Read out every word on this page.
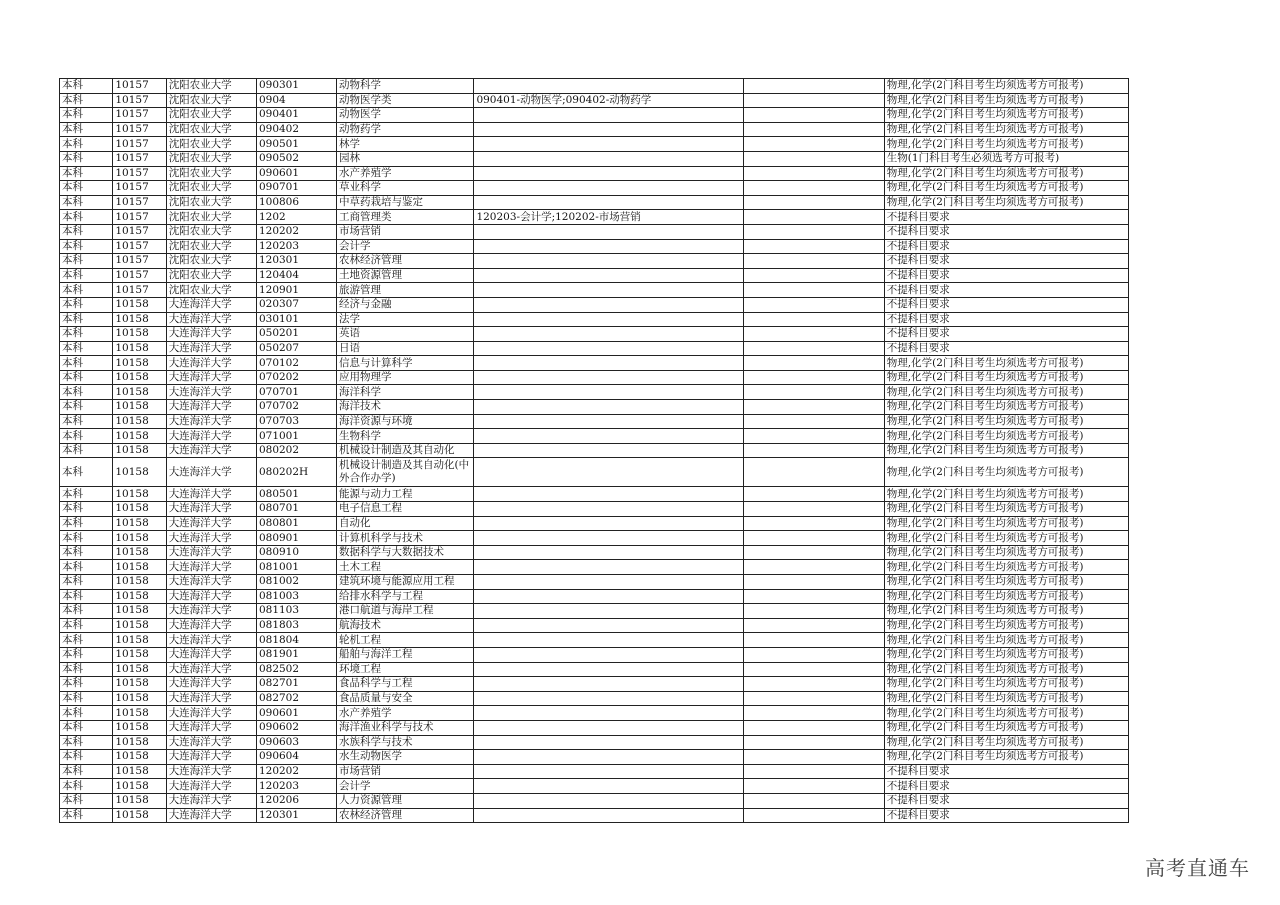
本科	10157	沈阳农业大学	090301	动物科学			物理,化学(2门科目考生均须选考方可报考)
本科	10157	沈阳农业大学	0904	动物医学类	090401-动物医学;090402-动物药学		物理,化学(2门科目考生均须选考方可报考)
本科	10157	沈阳农业大学	090401	动物医学			物理,化学(2门科目考生均须选考方可报考)
本科	10157	沈阳农业大学	090402	动物药学			物理,化学(2门科目考生均须选考方可报考)
本科	10157	沈阳农业大学	090501	林学			物理,化学(2门科目考生均须选考方可报考)
本科	10157	沈阳农业大学	090502	园林			生物(1门科目考生必须选考方可报考)
本科	10157	沈阳农业大学	090601	水产养殖学			物理,化学(2门科目考生均须选考方可报考)
本科	10157	沈阳农业大学	090701	草业科学			物理,化学(2门科目考生均须选考方可报考)
本科	10157	沈阳农业大学	100806	中草药栽培与鉴定			物理,化学(2门科目考生均须选考方可报考)
本科	10157	沈阳农业大学	1202	工商管理类	120203-会计学;120202-市场营销		不提科目要求
本科	10157	沈阳农业大学	120202	市场营销			不提科目要求
本科	10157	沈阳农业大学	120203	会计学			不提科目要求
本科	10157	沈阳农业大学	120301	农林经济管理			不提科目要求
本科	10157	沈阳农业大学	120404	土地资源管理			不提科目要求
本科	10157	沈阳农业大学	120901	旅游管理			不提科目要求
本科	10158	大连海洋大学	020307	经济与金融			不提科目要求
本科	10158	大连海洋大学	030101	法学			不提科目要求
本科	10158	大连海洋大学	050201	英语			不提科目要求
本科	10158	大连海洋大学	050207	日语			不提科目要求
本科	10158	大连海洋大学	070102	信息与计算科学			物理,化学(2门科目考生均须选考方可报考)
本科	10158	大连海洋大学	070202	应用物理学			物理,化学(2门科目考生均须选考方可报考)
本科	10158	大连海洋大学	070701	海洋科学			物理,化学(2门科目考生均须选考方可报考)
本科	10158	大连海洋大学	070702	海洋技术			物理,化学(2门科目考生均须选考方可报考)
本科	10158	大连海洋大学	070703	海洋资源与环境			物理,化学(2门科目考生均须选考方可报考)
本科	10158	大连海洋大学	071001	生物科学			物理,化学(2门科目考生均须选考方可报考)
本科	10158	大连海洋大学	080202	机械设计制造及其自动化			物理,化学(2门科目考生均须选考方可报考)
本科	10158	大连海洋大学	080202H	机械设计制造及其自动化(中外合作办学)			物理,化学(2门科目考生均须选考方可报考)
本科	10158	大连海洋大学	080501	能源与动力工程			物理,化学(2门科目考生均须选考方可报考)
本科	10158	大连海洋大学	080701	电子信息工程			物理,化学(2门科目考生均须选考方可报考)
本科	10158	大连海洋大学	080801	自动化			物理,化学(2门科目考生均须选考方可报考)
本科	10158	大连海洋大学	080901	计算机科学与技术			物理,化学(2门科目考生均须选考方可报考)
本科	10158	大连海洋大学	080910	数据科学与大数据技术			物理,化学(2门科目考生均须选考方可报考)
本科	10158	大连海洋大学	081001	土木工程			物理,化学(2门科目考生均须选考方可报考)
本科	10158	大连海洋大学	081002	建筑环境与能源应用工程			物理,化学(2门科目考生均须选考方可报考)
本科	10158	大连海洋大学	081003	给排水科学与工程			物理,化学(2门科目考生均须选考方可报考)
本科	10158	大连海洋大学	081103	港口航道与海岸工程			物理,化学(2门科目考生均须选考方可报考)
本科	10158	大连海洋大学	081803	航海技术			物理,化学(2门科目考生均须选考方可报考)
本科	10158	大连海洋大学	081804	轮机工程			物理,化学(2门科目考生均须选考方可报考)
本科	10158	大连海洋大学	081901	船舶与海洋工程			物理,化学(2门科目考生均须选考方可报考)
本科	10158	大连海洋大学	082502	环境工程			物理,化学(2门科目考生均须选考方可报考)
本科	10158	大连海洋大学	082701	食品科学与工程			物理,化学(2门科目考生均须选考方可报考)
本科	10158	大连海洋大学	082702	食品质量与安全			物理,化学(2门科目考生均须选考方可报考)
本科	10158	大连海洋大学	090601	水产养殖学			物理,化学(2门科目考生均须选考方可报考)
本科	10158	大连海洋大学	090602	海洋渔业科学与技术			物理,化学(2门科目考生均须选考方可报考)
本科	10158	大连海洋大学	090603	水族科学与技术			物理,化学(2门科目考生均须选考方可报考)
本科	10158	大连海洋大学	090604	水生动物医学			物理,化学(2门科目考生均须选考方可报考)
本科	10158	大连海洋大学	120202	市场营销			不提科目要求
本科	10158	大连海洋大学	120203	会计学			不提科目要求
本科	10158	大连海洋大学	120206	人力资源管理			不提科目要求
本科	10158	大连海洋大学	120301	农林经济管理			不提科目要求
高考直通车
